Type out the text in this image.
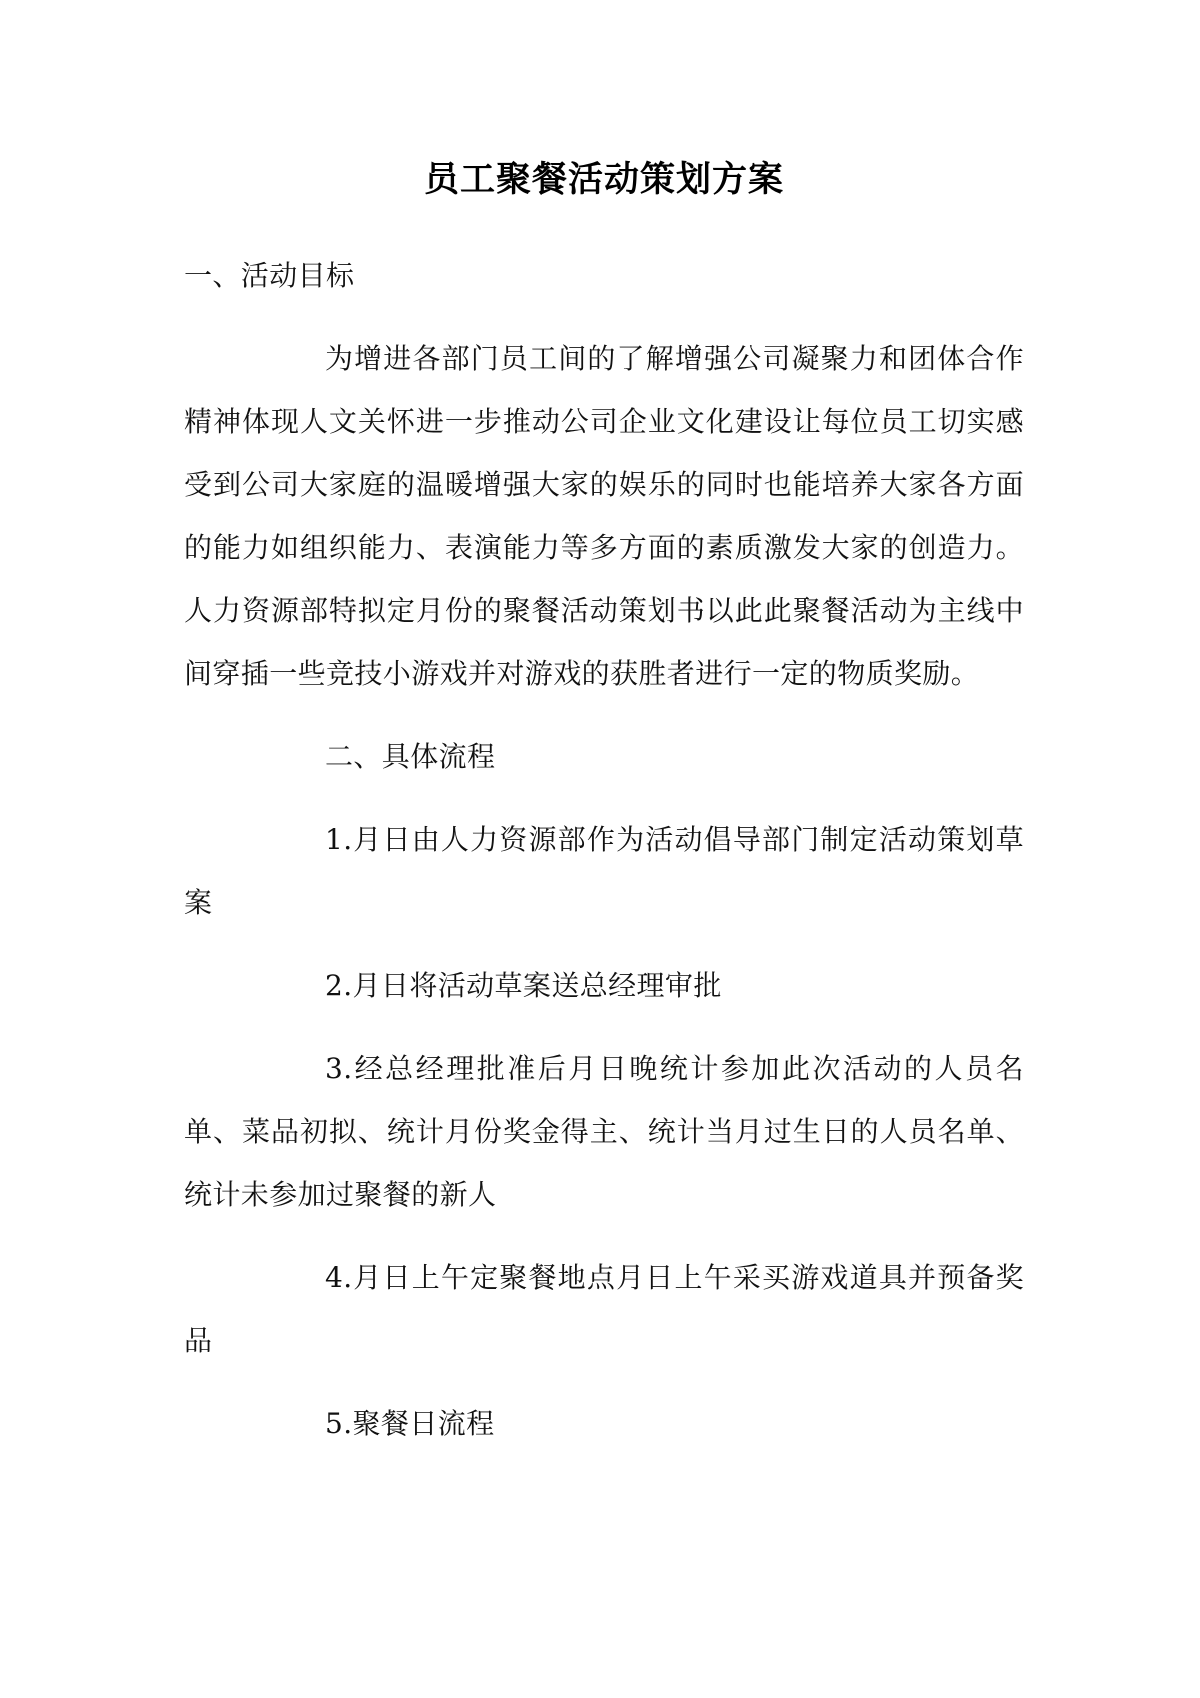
员工聚餐活动策划方案

一、活动目标

为增进各部门员工间的了解增强公司凝聚力和团体合作精神体现人文关怀进一步推动公司企业文化建设让每位员工切实感受到公司大家庭的温暖增强大家的娱乐的同时也能培养大家各方面的能力如组织能力、表演能力等多方面的素质激发大家的创造力。人力资源部特拟定月份的聚餐活动策划书以此此聚餐活动为主线中间穿插一些竞技小游戏并对游戏的获胜者进行一定的物质奖励。

二、具体流程

1.月日由人力资源部作为活动倡导部门制定活动策划草案

2.月日将活动草案送总经理审批

3.经总经理批准后月日晚统计参加此次活动的人员名单、菜品初拟、统计月份奖金得主、统计当月过生日的人员名单、统计未参加过聚餐的新人

4.月日上午定聚餐地点月日上午采买游戏道具并预备奖品

5.聚餐日流程
